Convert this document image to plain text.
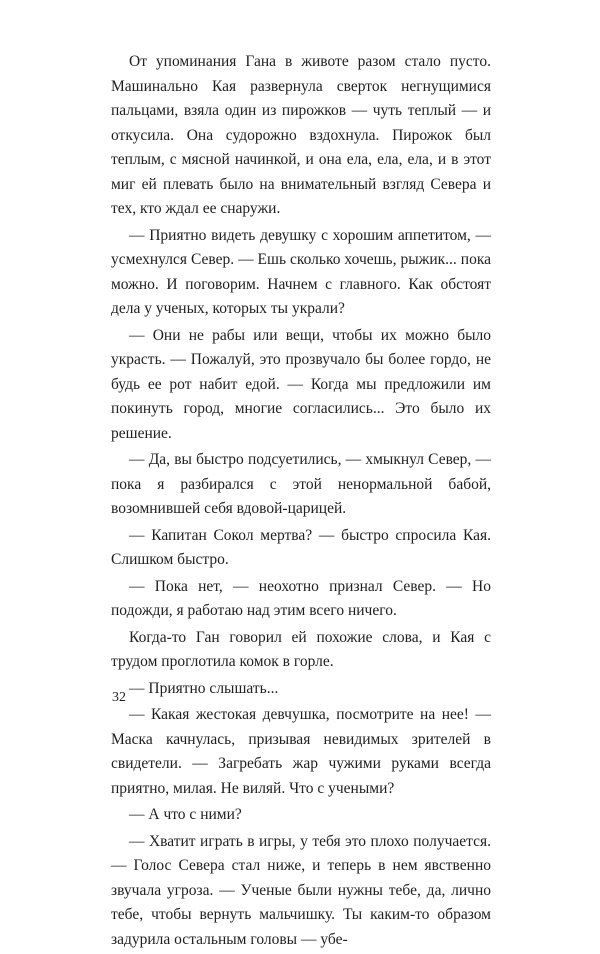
От упоминания Гана в животе разом стало пусто. Машинально Кая развернула сверток негнущимися пальцами, взяла один из пирожков — чуть теплый — и откусила. Она судорожно вздохнула. Пирожок был теплым, с мясной начинкой, и она ела, ела, ела, и в этот миг ей плевать было на внимательный взгляд Севера и тех, кто ждал ее снаружи.

— Приятно видеть девушку с хорошим аппетитом, — усмехнулся Север. — Ешь сколько хочешь, рыжик... пока можно. И поговорим. Начнем с главного. Как обстоят дела у ученых, которых ты украли?

— Они не рабы или вещи, чтобы их можно было украсть. — Пожалуй, это прозвучало бы более гордо, не будь ее рот набит едой. — Когда мы предложили им покинуть город, многие согласились... Это было их решение.

— Да, вы быстро подсуетились, — хмыкнул Север, — пока я разбирался с этой ненормальной бабой, возомнившей себя вдовой-царицей.

— Капитан Сокол мертва? — быстро спросила Кая. Слишком быстро.

— Пока нет, — неохотно признал Север. — Но подожди, я работаю над этим всего ничего.

Когда-то Ган говорил ей похожие слова, и Кая с трудом проглотила комок в горле.

— Приятно слышать...

— Какая жестокая девчушка, посмотрите на нее! — Маска качнулась, призывая невидимых зрителей в свидетели. — Загребать жар чужими руками всегда приятно, милая. Не виляй. Что с учеными?

— А что с ними?

— Хватит играть в игры, у тебя это плохо получается. — Голос Севера стал ниже, и теперь в нем явственно звучала угроза. — Ученые были нужны тебе, да, лично тебе, чтобы вернуть мальчишку. Ты каким-то образом задурила остальным головы — убе-

32
